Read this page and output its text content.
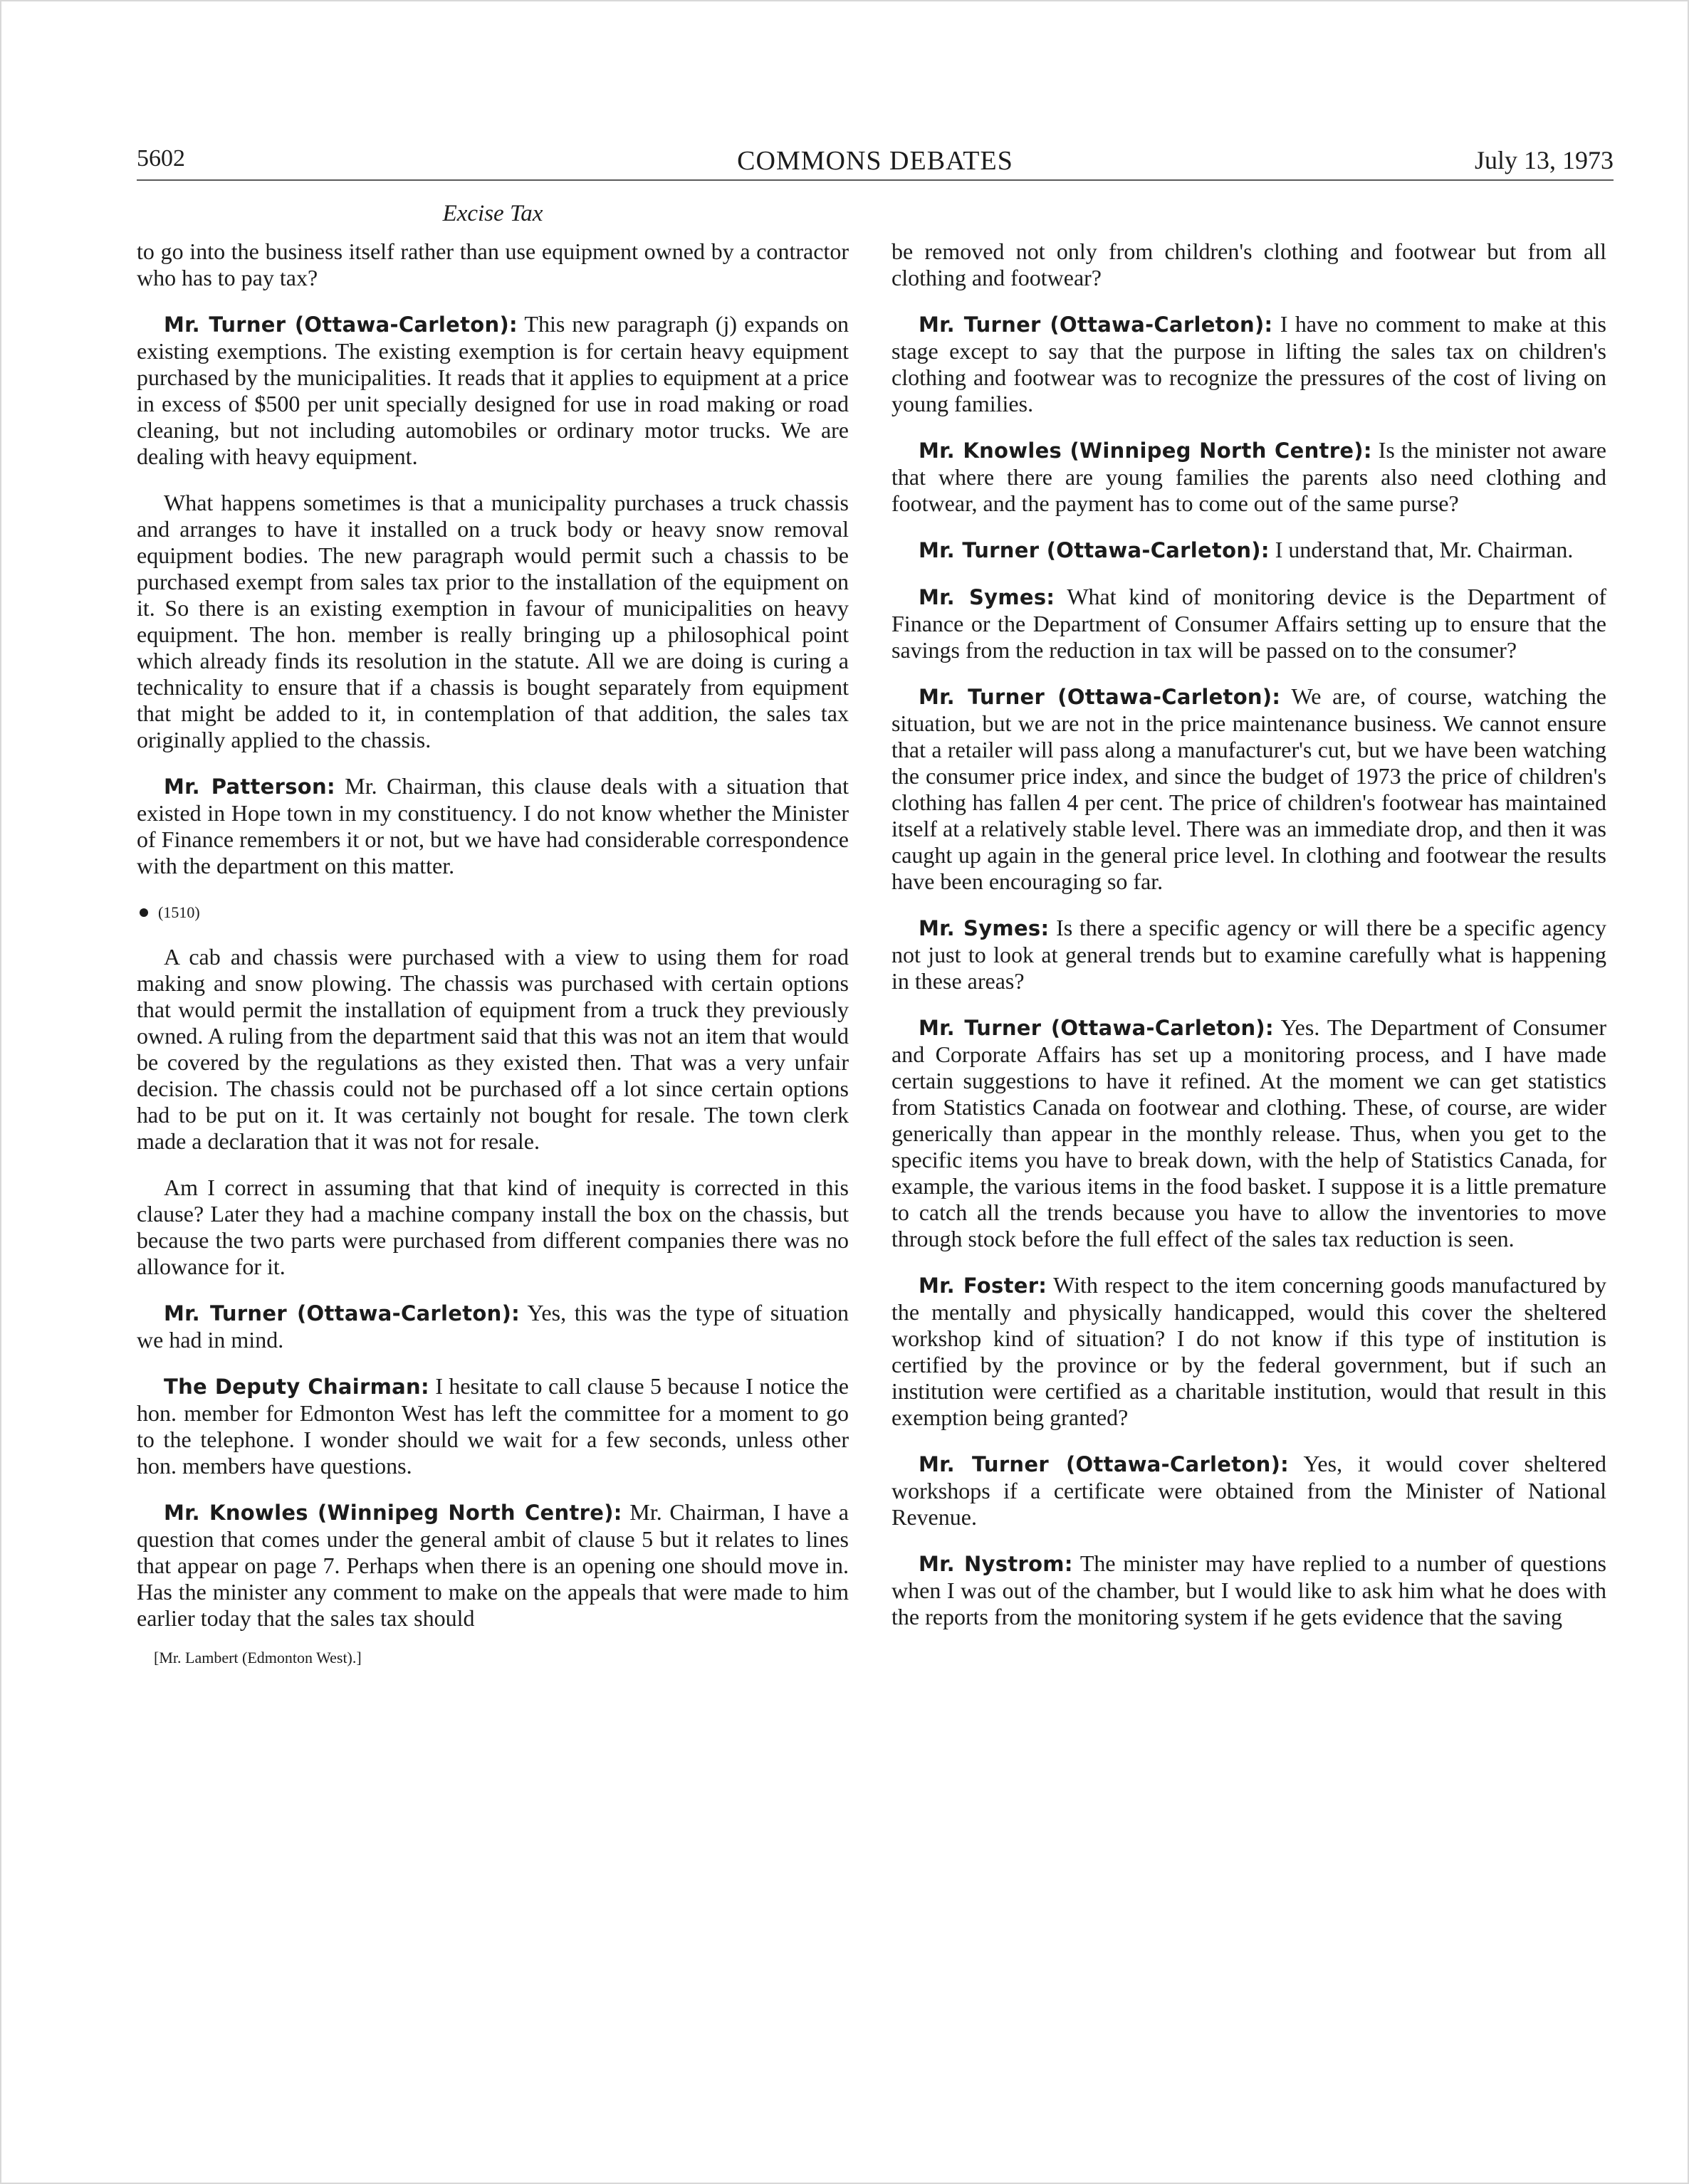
5602	COMMONS DEBATES	July 13, 1973
Excise Tax

to go into the business itself rather than use equipment owned by a contractor who has to pay tax?

Mr. Turner (Ottawa-Carleton): This new paragraph (j) expands on existing exemptions. The existing exemption is for certain heavy equipment purchased by the municipalities. It reads that it applies to equipment at a price in excess of $500 per unit specially designed for use in road making or road cleaning, but not including automobiles or ordinary motor trucks. We are dealing with heavy equipment.

What happens sometimes is that a municipality purchases a truck chassis and arranges to have it installed on a truck body or heavy snow removal equipment bodies. The new paragraph would permit such a chassis to be purchased exempt from sales tax prior to the installation of the equipment on it. So there is an existing exemption in favour of municipalities on heavy equipment. The hon. member is really bringing up a philosophical point which already finds its resolution in the statute. All we are doing is curing a technicality to ensure that if a chassis is bought separately from equipment that might be added to it, in contemplation of that addition, the sales tax originally applied to the chassis.

Mr. Patterson: Mr. Chairman, this clause deals with a situation that existed in Hope town in my constituency. I do not know whether the Minister of Finance remembers it or not, but we have had considerable correspondence with the department on this matter.

(1510)

A cab and chassis were purchased with a view to using them for road making and snow plowing. The chassis was purchased with certain options that would permit the installation of equipment from a truck they previously owned. A ruling from the department said that this was not an item that would be covered by the regulations as they existed then. That was a very unfair decision. The chassis could not be purchased off a lot since certain options had to be put on it. It was certainly not bought for resale. The town clerk made a declaration that it was not for resale.

Am I correct in assuming that that kind of inequity is corrected in this clause? Later they had a machine company install the box on the chassis, but because the two parts were purchased from different companies there was no allowance for it.

Mr. Turner (Ottawa-Carleton): Yes, this was the type of situation we had in mind.

The Deputy Chairman: I hesitate to call clause 5 because I notice the hon. member for Edmonton West has left the committee for a moment to go to the telephone. I wonder should we wait for a few seconds, unless other hon. members have questions.

Mr. Knowles (Winnipeg North Centre): Mr. Chairman, I have a question that comes under the general ambit of clause 5 but it relates to lines that appear on page 7. Perhaps when there is an opening one should move in. Has the minister any comment to make on the appeals that were made to him earlier today that the sales tax should

[Mr. Lambert (Edmonton West).]

be removed not only from children's clothing and footwear but from all clothing and footwear?

Mr. Turner (Ottawa-Carleton): I have no comment to make at this stage except to say that the purpose in lifting the sales tax on children's clothing and footwear was to recognize the pressures of the cost of living on young families.

Mr. Knowles (Winnipeg North Centre): Is the minister not aware that where there are young families the parents also need clothing and footwear, and the payment has to come out of the same purse?

Mr. Turner (Ottawa-Carleton): I understand that, Mr. Chairman.

Mr. Symes: What kind of monitoring device is the Department of Finance or the Department of Consumer Affairs setting up to ensure that the savings from the reduction in tax will be passed on to the consumer?

Mr. Turner (Ottawa-Carleton): We are, of course, watching the situation, but we are not in the price maintenance business. We cannot ensure that a retailer will pass along a manufacturer's cut, but we have been watching the consumer price index, and since the budget of 1973 the price of children's clothing has fallen 4 per cent. The price of children's footwear has maintained itself at a relatively stable level. There was an immediate drop, and then it was caught up again in the general price level. In clothing and footwear the results have been encouraging so far.

Mr. Symes: Is there a specific agency or will there be a specific agency not just to look at general trends but to examine carefully what is happening in these areas?

Mr. Turner (Ottawa-Carleton): Yes. The Department of Consumer and Corporate Affairs has set up a monitoring process, and I have made certain suggestions to have it refined. At the moment we can get statistics from Statistics Canada on footwear and clothing. These, of course, are wider generically than appear in the monthly release. Thus, when you get to the specific items you have to break down, with the help of Statistics Canada, for example, the various items in the food basket. I suppose it is a little premature to catch all the trends because you have to allow the inventories to move through stock before the full effect of the sales tax reduction is seen.

Mr. Foster: With respect to the item concerning goods manufactured by the mentally and physically handicapped, would this cover the sheltered workshop kind of situation? I do not know if this type of institution is certified by the province or by the federal government, but if such an institution were certified as a charitable institution, would that result in this exemption being granted?

Mr. Turner (Ottawa-Carleton): Yes, it would cover sheltered workshops if a certificate were obtained from the Minister of National Revenue.

Mr. Nystrom: The minister may have replied to a number of questions when I was out of the chamber, but I would like to ask him what he does with the reports from the monitoring system if he gets evidence that the saving
